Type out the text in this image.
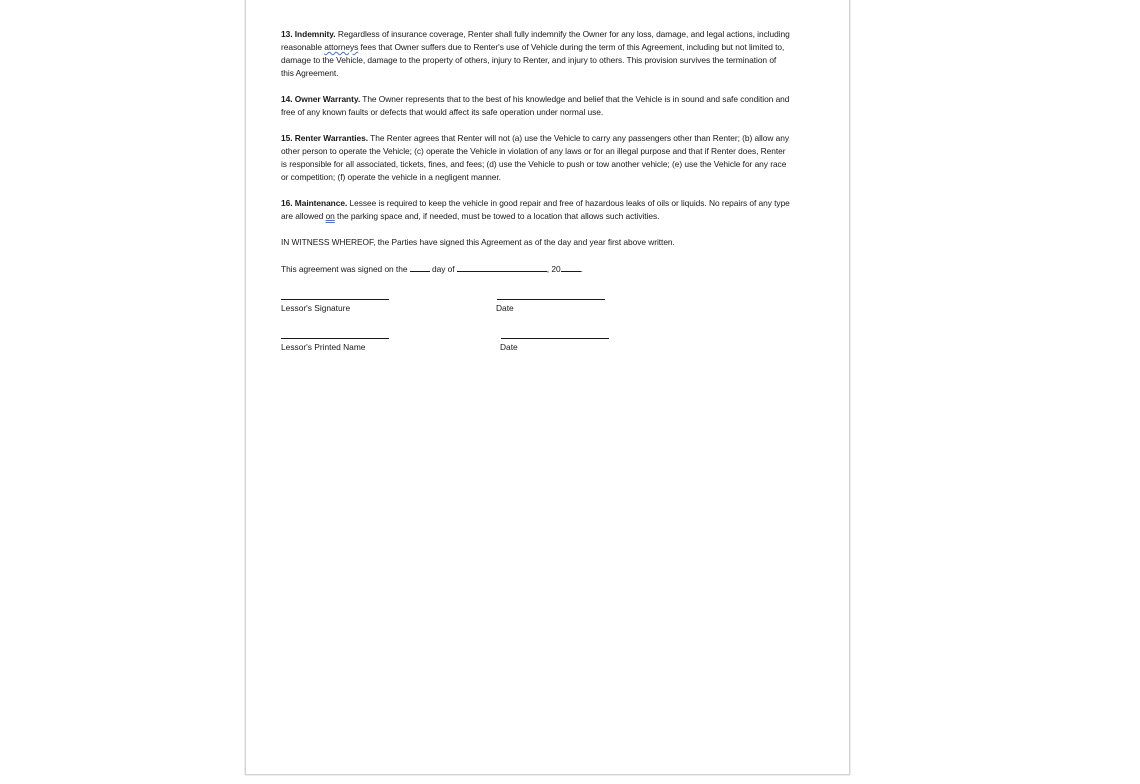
13. Indemnity. Regardless of insurance coverage, Renter shall fully indemnify the Owner for any loss, damage, and legal actions, including reasonable attorneys fees that Owner suffers due to Renter's use of Vehicle during the term of this Agreement, including but not limited to, damage to the Vehicle, damage to the property of others, injury to Renter, and injury to others. This provision survives the termination of this Agreement.

14. Owner Warranty. The Owner represents that to the best of his knowledge and belief that the Vehicle is in sound and safe condition and free of any known faults or defects that would affect its safe operation under normal use.

15. Renter Warranties. The Renter agrees that Renter will not (a) use the Vehicle to carry any passengers other than Renter; (b) allow any other person to operate the Vehicle; (c) operate the Vehicle in violation of any laws or for an illegal purpose and that if Renter does, Renter is responsible for all associated, tickets, fines, and fees; (d) use the Vehicle to push or tow another vehicle; (e) use the Vehicle for any race or competition; (f) operate the vehicle in a negligent manner.

16. Maintenance. Lessee is required to keep the vehicle in good repair and free of hazardous leaks of oils or liquids. No repairs of any type are allowed on the parking space and, if needed, must be towed to a location that allows such activities.

IN WITNESS WHEREOF, the Parties have signed this Agreement as of the day and year first above written.

This agreement was signed on the  day of	, 20 .

Lessor's Signature	Date
Lessor's Printed Name	Date
